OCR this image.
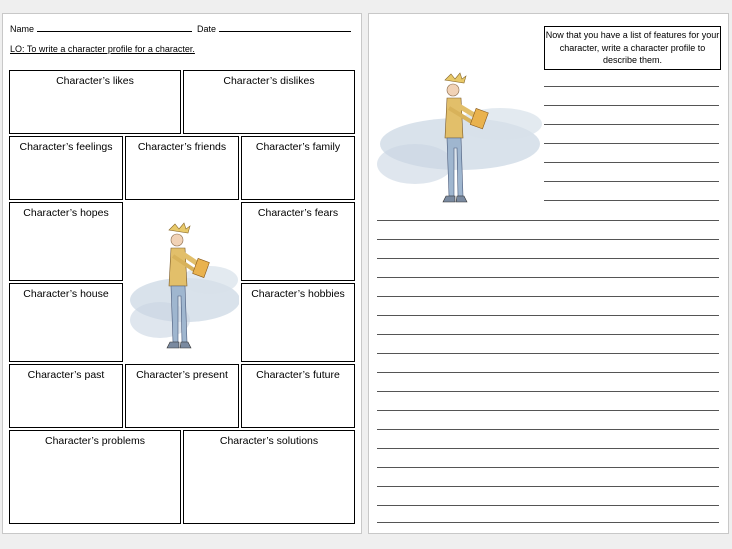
Name	Date
LO: To write a character profile for a character.
Character’s likes	Character’s dislikes
Character’s feelings	Character’s friends	Character’s family
Character’s hopes	Character’s fears
Character’s house	Character’s hobbies
Character’s past	Character’s present	Character’s future
Character’s problems	Character’s solutions
Now that you have a list of features for your character, write a character profile to describe them.
